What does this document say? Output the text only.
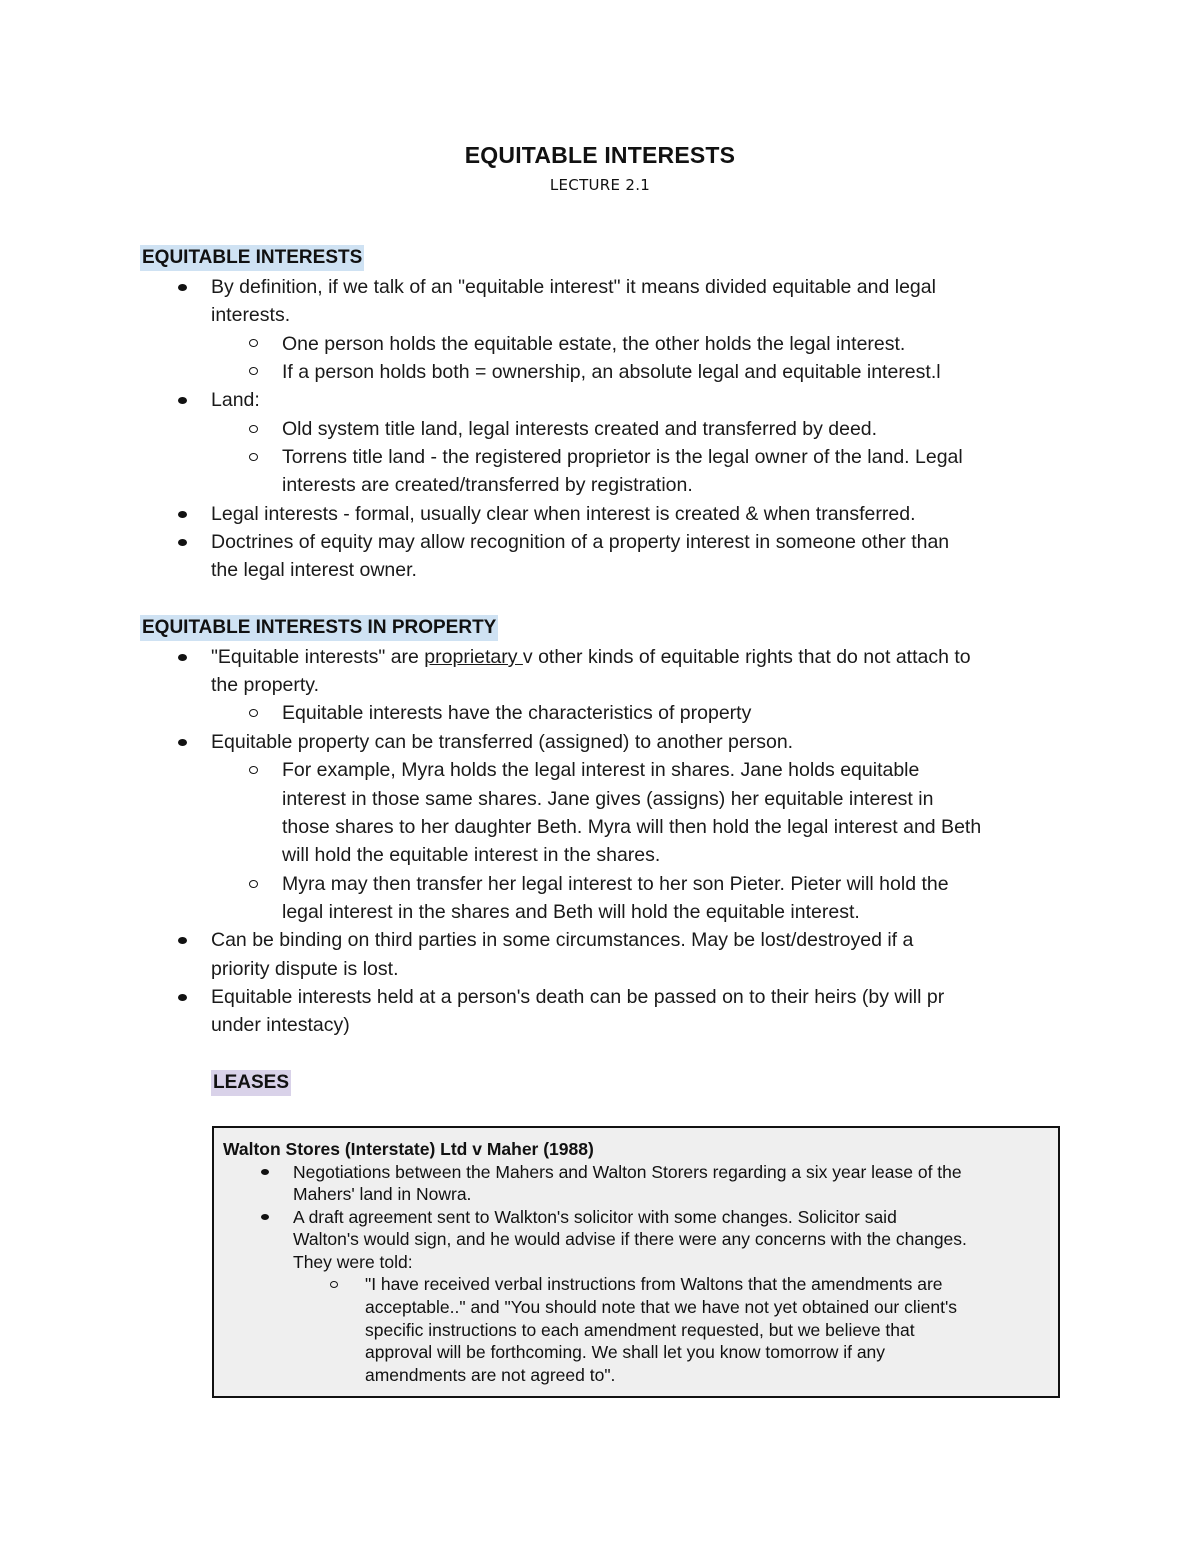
EQUITABLE INTERESTS
LECTURE 2.1
EQUITABLE INTERESTS
By definition, if we talk of an "equitable interest" it means divided equitable and legal
interests.
One person holds the equitable estate, the other holds the legal interest.
If a person holds both = ownership, an absolute legal and equitable interest.l
Land:
Old system title land, legal interests created and transferred by deed.
Torrens title land - the registered proprietor is the legal owner of the land. Legal
interests are created/transferred by registration.
Legal interests - formal, usually clear when interest is created & when transferred.
Doctrines of equity may allow recognition of a property interest in someone other than
the legal interest owner.
EQUITABLE INTERESTS IN PROPERTY
"Equitable interests" are proprietary v other kinds of equitable rights that do not attach to
the property.
Equitable interests have the characteristics of property
Equitable property can be transferred (assigned) to another person.
For example, Myra holds the legal interest in shares. Jane holds equitable
interest in those same shares. Jane gives (assigns) her equitable interest in
those shares to her daughter Beth. Myra will then hold the legal interest and Beth
will hold the equitable interest in the shares.
Myra may then transfer her legal interest to her son Pieter. Pieter will hold the
legal interest in the shares and Beth will hold the equitable interest.
Can be binding on third parties in some circumstances. May be lost/destroyed if a
priority dispute is lost.
Equitable interests held at a person's death can be passed on to their heirs (by will pr
under intestacy)
LEASES
Walton Stores (Interstate) Ltd v Maher (1988)
Negotiations between the Mahers and Walton Storers regarding a six year lease of the
Mahers' land in Nowra.
A draft agreement sent to Walkton's solicitor with some changes. Solicitor said
Walton's would sign, and he would advise if there were any concerns with the changes.
They were told:
"I have received verbal instructions from Waltons that the amendments are
acceptable.." and "You should note that we have not yet obtained our client's
specific instructions to each amendment requested, but we believe that
approval will be forthcoming. We shall let you know tomorrow if any
amendments are not agreed to".
